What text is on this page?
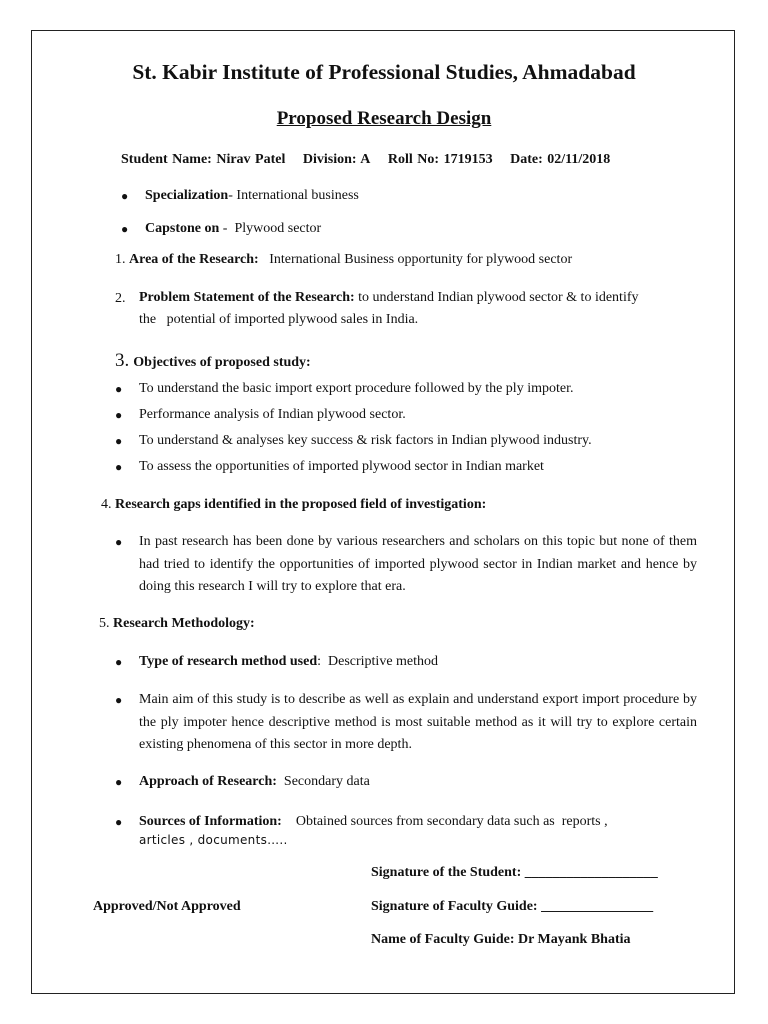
St. Kabir Institute of Professional Studies, Ahmadabad
Proposed Research Design
Student Name: Nirav Patel Division: A Roll No: 1719153 Date: 02/11/2018
● Specialization- International business
● Capstone on -  Plywood sector
1. Area of the Research: International Business opportunity for plywood sector
2. Problem Statement of the Research: to understand Indian plywood sector & to identify   the   potential of imported plywood sales in India.
3. Objectives of proposed study:
● To understand the basic import export procedure followed by the ply impoter.
● Performance analysis of Indian plywood sector.
● To understand & analyses key success & risk factors in Indian plywood industry.
● To assess the opportunities of imported plywood sector in Indian market
4. Research gaps identified in the proposed field of investigation:
● In past research has been done by various researchers and scholars on this topic but none of them had tried to identify the opportunities of imported plywood sector in Indian market and hence by doing this research I will try to explore that era.
5. Research Methodology:
● Type of research method used:  Descriptive method
● Main aim of this study is to describe as well as explain and understand export import procedure by the ply impoter hence descriptive method is most suitable method as it will try to explore certain existing phenomena of this sector in more depth.
● Approach of Research: Secondary data
● Sources of Information: Obtained sources from secondary data such as  reports ,
articles , documents…..
Signature of the Student: ___________________
Approved/Not Approved	Signature of Faculty Guide: ________________
Name of Faculty Guide: Dr Mayank Bhatia
